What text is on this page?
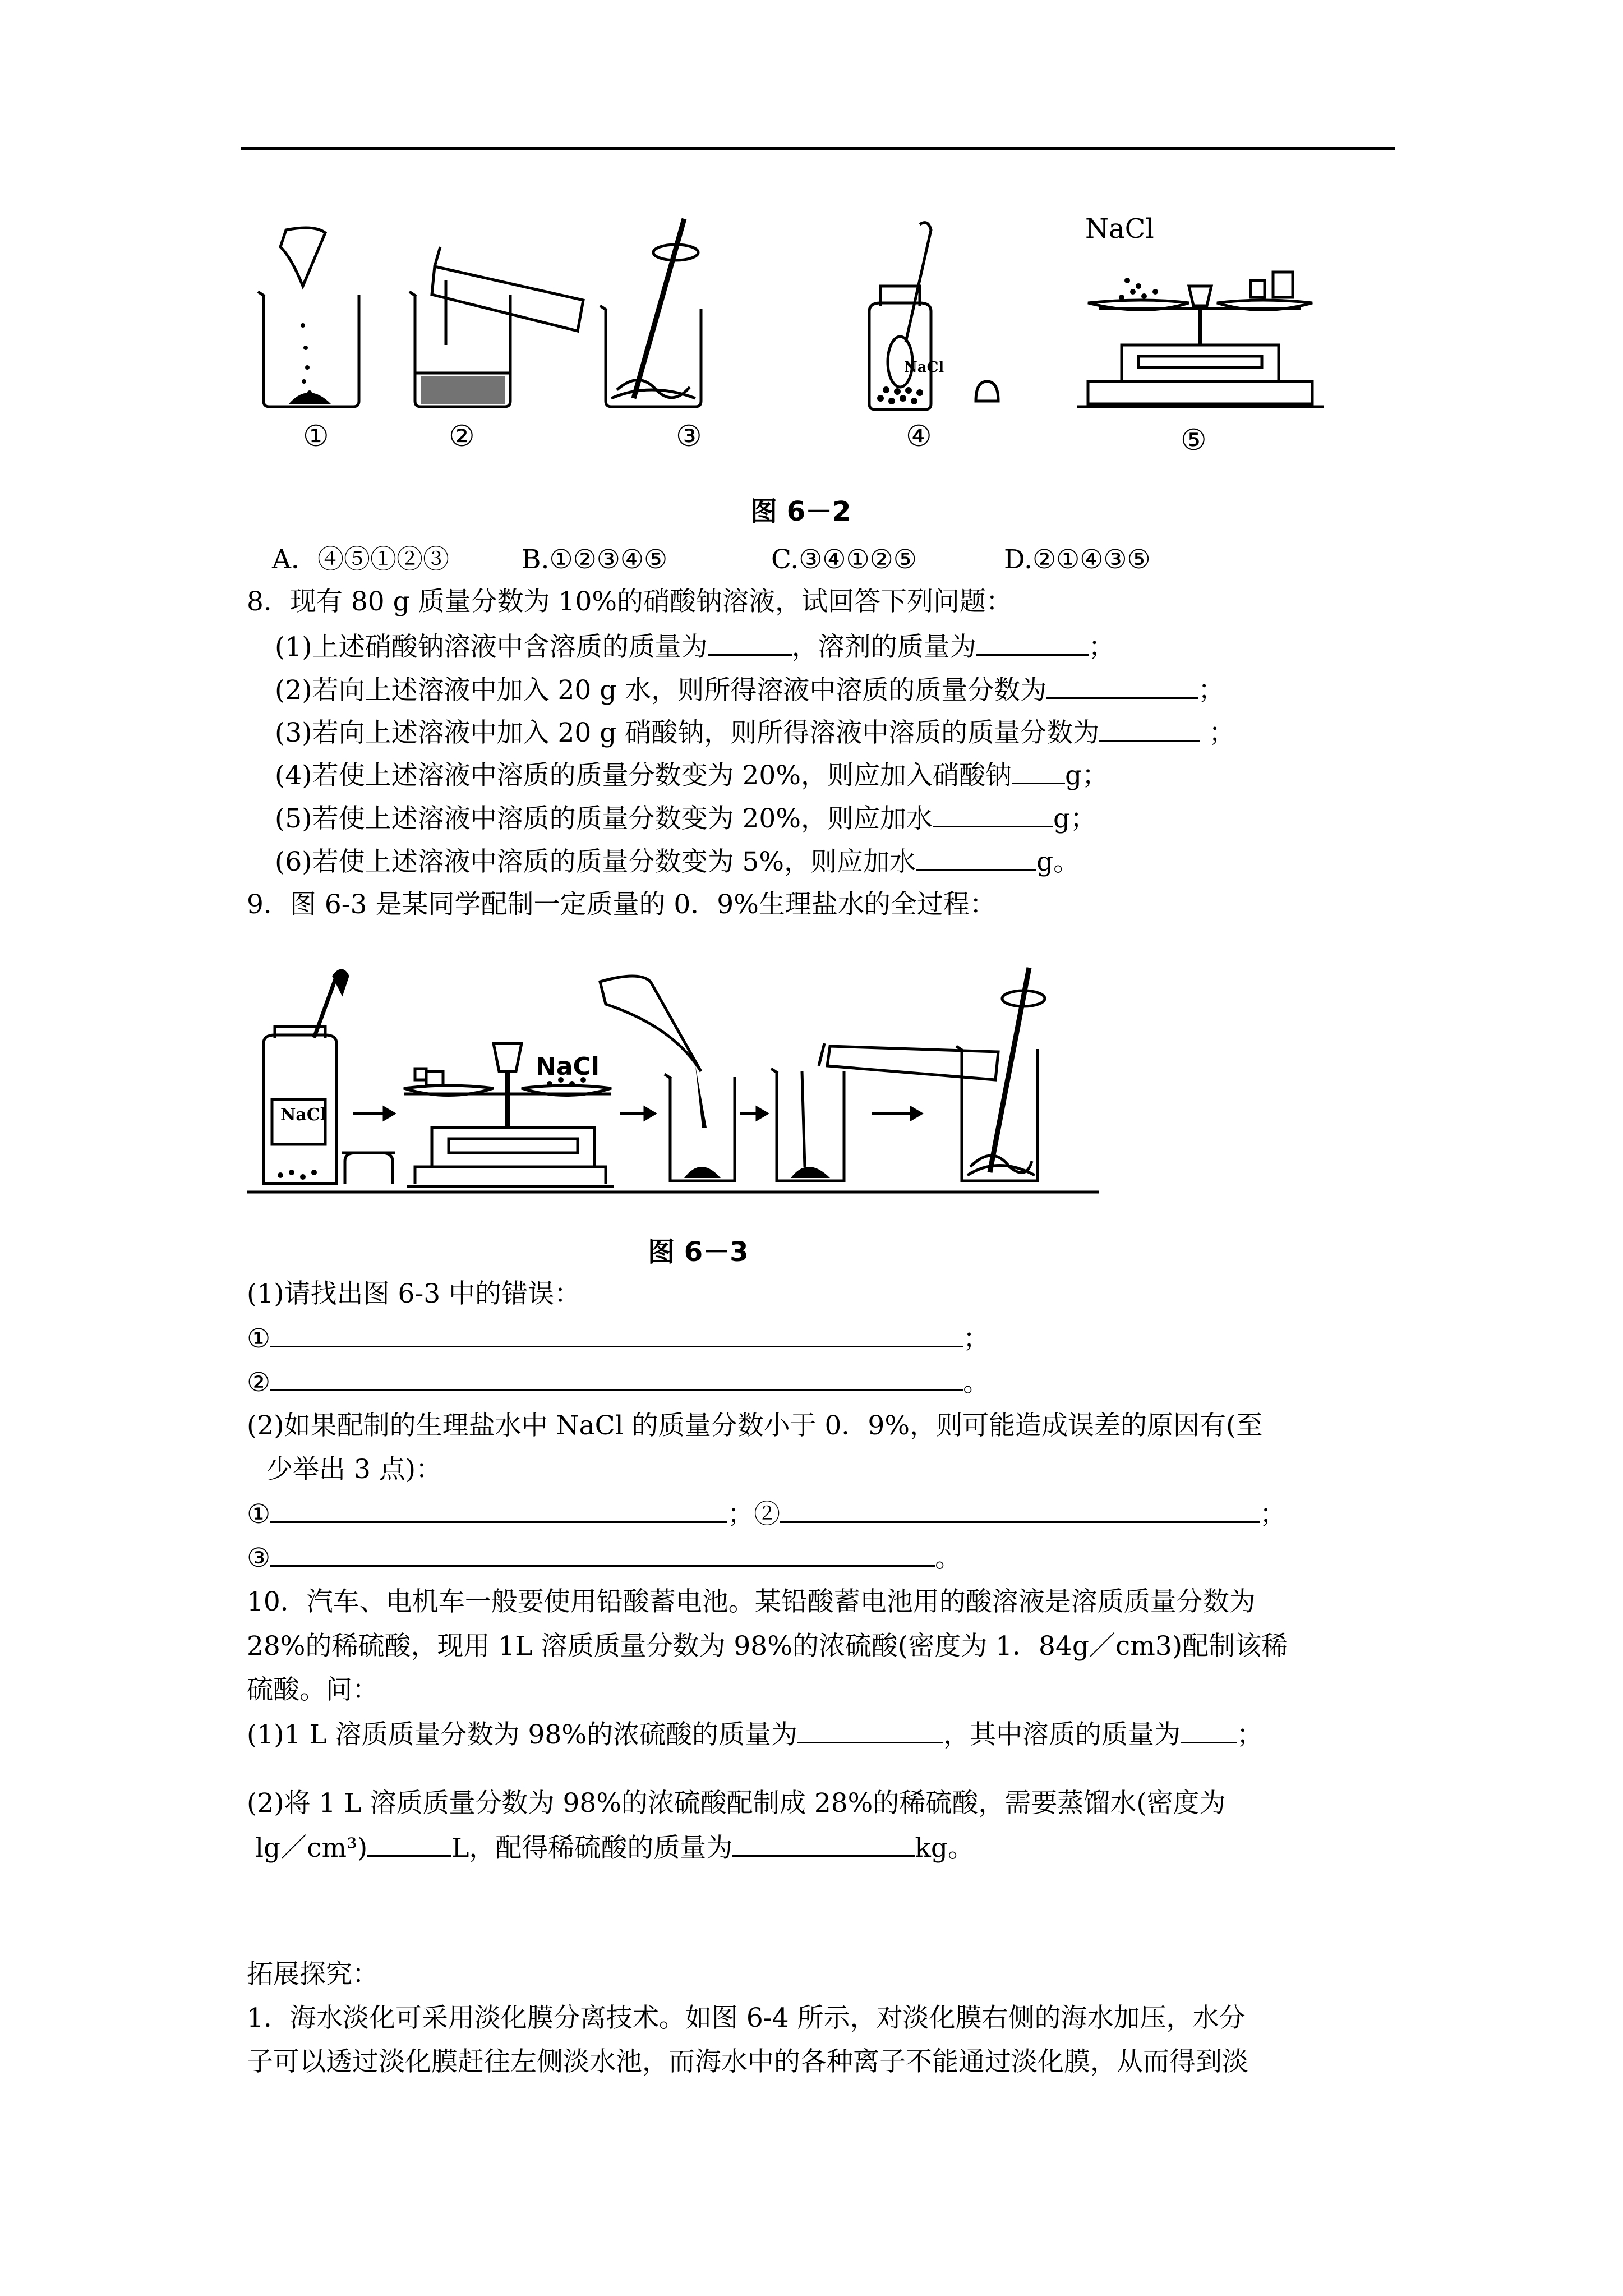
NaCl
NaCl
①	②	③	④	⑤
图 6－2
A．④⑤①②③	B.①②③④⑤	C.③④①②⑤	D.②①④③⑤
8．现有 80 g 质量分数为 10%的硝酸钠溶液，试回答下列问题：
(1)上述硝酸钠溶液中含溶质的质量为	，溶剂的质量为	；
(2)若向上述溶液中加入 20 g 水，则所得溶液中溶质的质量分数为	；
(3)若向上述溶液中加入 20 g 硝酸钠，则所得溶液中溶质的质量分数为	；
(4)若使上述溶液中溶质的质量分数变为 20%，则应加入硝酸钠 g；
(5)若使上述溶液中溶质的质量分数变为 20%，则应加水	g；
(6)若使上述溶液中溶质的质量分数变为 5%，则应加水	g。
9．图 6-3 是某同学配制一定质量的 0．9%生理盐水的全过程：
NaCl
NaCl
图 6－3
(1)请找出图 6-3 中的错误：
①	；
②	。
(2)如果配制的生理盐水中 NaCl 的质量分数小于 0．9%，则可能造成误差的原因有(至
少举出 3 点)：
①	；②	；
③	。
10．汽车、电机车一般要使用铅酸蓄电池。某铅酸蓄电池用的酸溶液是溶质质量分数为
28%的稀硫酸，现用 1L 溶质质量分数为 98%的浓硫酸(密度为 1．84g／cm3)配制该稀
硫酸。问：
(1)1 L 溶质质量分数为 98%的浓硫酸的质量为	，其中溶质的质量为 ；
(2)将 1 L 溶质质量分数为 98%的浓硫酸配制成 28%的稀硫酸，需要蒸馏水(密度为
lg／cm³)	L，配得稀硫酸的质量为	kg。
拓展探究：
1．海水淡化可采用淡化膜分离技术。如图 6-4 所示，对淡化膜右侧的海水加压，水分
子可以透过淡化膜赶往左侧淡水池，而海水中的各种离子不能通过淡化膜，从而得到淡
